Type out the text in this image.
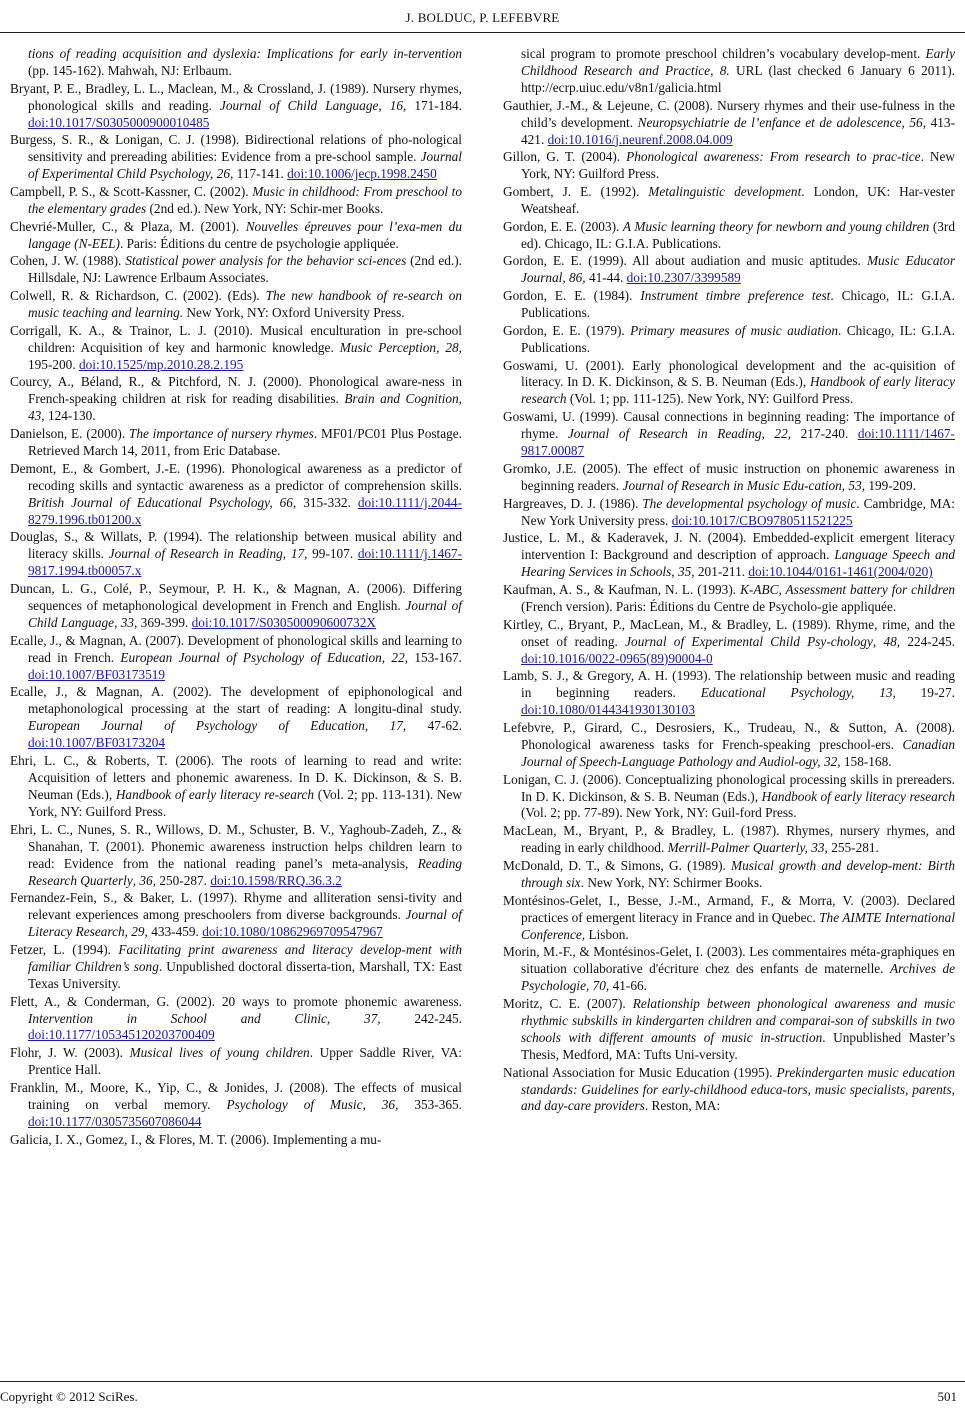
J. BOLDUC, P. LEFEBVRE

tions of reading acquisition and dyslexia: Implications for early in-tervention (pp. 145-162). Mahwah, NJ: Erlbaum.

Bryant, P. E., Bradley, L. L., Maclean, M., & Crossland, J. (1989). Nursery rhymes, phonological skills and reading. Journal of Child Language, 16, 171-184. doi:10.1017/S0305000900010485

Burgess, S. R., & Lonigan, C. J. (1998). Bidirectional relations of pho-nological sensitivity and prereading abilities: Evidence from a pre-school sample. Journal of Experimental Child Psychology, 26, 117-141. doi:10.1006/jecp.1998.2450

Campbell, P. S., & Scott-Kassner, C. (2002). Music in childhood: From preschool to the elementary grades (2nd ed.). New York, NY: Schir-mer Books.

Chevrié-Muller, C., & Plaza, M. (2001). Nouvelles épreuves pour l’exa-men du langage (N-EEL). Paris: Éditions du centre de psychologie appliquée.

Cohen, J. W. (1988). Statistical power analysis for the behavior sci-ences (2nd ed.). Hillsdale, NJ: Lawrence Erlbaum Associates.

Colwell, R. & Richardson, C. (2002). (Eds). The new handbook of re-search on music teaching and learning. New York, NY: Oxford University Press.

Corrigall, K. A., & Trainor, L. J. (2010). Musical enculturation in pre-school children: Acquisition of key and harmonic knowledge. Music Perception, 28, 195-200. doi:10.1525/mp.2010.28.2.195

Courcy, A., Béland, R., & Pitchford, N. J. (2000). Phonological aware-ness in French-speaking children at risk for reading disabilities. Brain and Cognition, 43, 124-130.

Danielson, E. (2000). The importance of nursery rhymes. MF01/PC01 Plus Postage. Retrieved March 14, 2011, from Eric Database.

Demont, E., & Gombert, J.-E. (1996). Phonological awareness as a predictor of recoding skills and syntactic awareness as a predictor of comprehension skills. British Journal of Educational Psychology, 66, 315-332. doi:10.1111/j.2044-8279.1996.tb01200.x

Douglas, S., & Willats, P. (1994). The relationship between musical ability and literacy skills. Journal of Research in Reading, 17, 99-107. doi:10.1111/j.1467-9817.1994.tb00057.x

Duncan, L. G., Colé, P., Seymour, P. H. K., & Magnan, A. (2006). Differing sequences of metaphonological development in French and English. Journal of Child Language, 33, 369-399. doi:10.1017/S030500090600732X

Ecalle, J., & Magnan, A. (2007). Development of phonological skills and learning to read in French. European Journal of Psychology of Education, 22, 153-167. doi:10.1007/BF03173519

Ecalle, J., & Magnan, A. (2002). The development of epiphonological and metaphonological processing at the start of reading: A longitu-dinal study. European Journal of Psychology of Education, 17, 47-62. doi:10.1007/BF03173204

Ehri, L. C., & Roberts, T. (2006). The roots of learning to read and write: Acquisition of letters and phonemic awareness. In D. K. Dickinson, & S. B. Neuman (Eds.), Handbook of early literacy re-search (Vol. 2; pp. 113-131). New York, NY: Guilford Press.

Ehri, L. C., Nunes, S. R., Willows, D. M., Schuster, B. V., Yaghoub-Zadeh, Z., & Shanahan, T. (2001). Phonemic awareness instruction helps children learn to read: Evidence from the national reading panel’s meta-analysis, Reading Research Quarterly, 36, 250-287. doi:10.1598/RRQ.36.3.2

Fernandez-Fein, S., & Baker, L. (1997). Rhyme and alliteration sensi-tivity and relevant experiences among preschoolers from diverse backgrounds. Journal of Literacy Research, 29, 433-459. doi:10.1080/10862969709547967

Fetzer, L. (1994). Facilitating print awareness and literacy develop-ment with familiar Children’s song. Unpublished doctoral disserta-tion, Marshall, TX: East Texas University.

Flett, A., & Conderman, G. (2002). 20 ways to promote phonemic awareness. Intervention in School and Clinic, 37, 242-245. doi:10.1177/105345120203700409

Flohr, J. W. (2003). Musical lives of young children. Upper Saddle River, VA: Prentice Hall.

Franklin, M., Moore, K., Yip, C., & Jonides, J. (2008). The effects of musical training on verbal memory. Psychology of Music, 36, 353-365. doi:10.1177/0305735607086044

Galicia, I. X., Gomez, I., & Flores, M. T. (2006). Implementing a mu-

sical program to promote preschool children’s vocabulary develop-ment. Early Childhood Research and Practice, 8. URL (last checked 6 January 6 2011). http://ecrp.uiuc.edu/v8n1/galicia.html

Gauthier, J.-M., & Lejeune, C. (2008). Nursery rhymes and their use-fulness in the child’s development. Neuropsychiatrie de l’enfance et de adolescence, 56, 413-421. doi:10.1016/j.neurenf.2008.04.009

Gillon, G. T. (2004). Phonological awareness: From research to prac-tice. New York, NY: Guilford Press.

Gombert, J. E. (1992). Metalinguistic development. London, UK: Har-vester Weatsheaf.

Gordon, E. E. (2003). A Music learning theory for newborn and young children (3rd ed). Chicago, IL: G.I.A. Publications.

Gordon, E. E. (1999). All about audiation and music aptitudes. Music Educator Journal, 86, 41-44. doi:10.2307/3399589

Gordon, E. E. (1984). Instrument timbre preference test. Chicago, IL: G.I.A. Publications.

Gordon, E. E. (1979). Primary measures of music audiation. Chicago, IL: G.I.A. Publications.

Goswami, U. (2001). Early phonological development and the ac-quisition of literacy. In D. K. Dickinson, & S. B. Neuman (Eds.), Handbook of early literacy research (Vol. 1; pp. 111-125). New York, NY: Guilford Press.

Goswami, U. (1999). Causal connections in beginning reading: The importance of rhyme. Journal of Research in Reading, 22, 217-240. doi:10.1111/1467-9817.00087

Gromko, J.E. (2005). The effect of music instruction on phonemic awareness in beginning readers. Journal of Research in Music Edu-cation, 53, 199-209.

Hargreaves, D. J. (1986). The developmental psychology of music. Cambridge, MA: New York University press. doi:10.1017/CBO9780511521225

Justice, L. M., & Kaderavek, J. N. (2004). Embedded-explicit emergent literacy intervention I: Background and description of approach. Language Speech and Hearing Services in Schools, 35, 201-211. doi:10.1044/0161-1461(2004/020)

Kaufman, A. S., & Kaufman, N. L. (1993). K-ABC, Assessment battery for children (French version). Paris: Éditions du Centre de Psycholo-gie appliquée.

Kirtley, C., Bryant, P., MacLean, M., & Bradley, L. (1989). Rhyme, rime, and the onset of reading. Journal of Experimental Child Psy-chology, 48, 224-245. doi:10.1016/0022-0965(89)90004-0

Lamb, S. J., & Gregory, A. H. (1993). The relationship between music and reading in beginning readers. Educational Psychology, 13, 19-27. doi:10.1080/0144341930130103

Lefebvre, P., Girard, C., Desrosiers, K., Trudeau, N., & Sutton, A. (2008). Phonological awareness tasks for French-speaking preschool-ers. Canadian Journal of Speech-Language Pathology and Audiol-ogy, 32, 158-168.

Lonigan, C. J. (2006). Conceptualizing phonological processing skills in prereaders. In D. K. Dickinson, & S. B. Neuman (Eds.), Handbook of early literacy research (Vol. 2; pp. 77-89). New York, NY: Guil-ford Press.

MacLean, M., Bryant, P., & Bradley, L. (1987). Rhymes, nursery rhymes, and reading in early childhood. Merrill-Palmer Quarterly, 33, 255-281.

McDonald, D. T., & Simons, G. (1989). Musical growth and develop-ment: Birth through six. New York, NY: Schirmer Books.

Montésinos-Gelet, I., Besse, J.-M., Armand, F., & Morra, V. (2003). Declared practices of emergent literacy in France and in Quebec. The AIMTE International Conference, Lisbon.

Morin, M.-F., & Montésinos-Gelet, I. (2003). Les commentaires méta-graphiques en situation collaborative d'écriture chez des enfants de maternelle. Archives de Psychologie, 70, 41-66.

Moritz, C. E. (2007). Relationship between phonological awareness and music rhythmic subskills in kindergarten children and comparai-son of subskills in two schools with different amounts of music in-struction. Unpublished Master’s Thesis, Medford, MA: Tufts Uni-versity.

National Association for Music Education (1995). Prekindergarten music education standards: Guidelines for early-childhood educa-tors, music specialists, parents, and day-care providers. Reston, MA:

Copyright © 2012 SciRes.	501
